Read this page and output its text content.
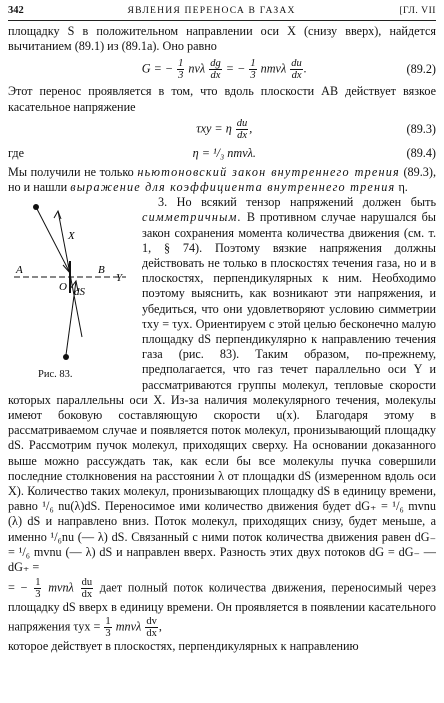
342	ЯВЛЕНИЯ ПЕРЕНОСА В ГАЗАХ	[ГЛ. VII

площадку S в положительном направлении оси X (снизу вверх), найдется вычитанием (89.1) из (89.1а). Оно равно

G = − $\frac{1}{3}$ nvλ $\frac{dg}{dx}$ = − $\frac{1}{3}$ nmvλ $\frac{du}{dx}$ .	(89.2)

Этот перенос проявляется в том, что вдоль плоскости AB действует вязкое касательное напряжение

τxy = η $\frac{du}{dx}$ ,	(89.3)
где	η = ¹/₃ nmvλ.	(89.4)

Мы получили не только ньютоновский закон внутреннего трения (89.3), но и нашли выражение для коэффициента внутреннего трения η.

X
A	B
Y
O dS
Рис. 83.

3. Но всякий тензор напряжений должен быть симметричным. В противном случае нарушался бы закон сохранения момента количества движения (см. т. 1, § 74). Поэтому вязкие напряжения должны действовать не только в плоскостях течения газа, но и в плоскостях, перпендикулярных к ним. Необходимо поэтому выяснить, как возникают эти напряжения, и убедиться, что они удовлетворяют условию симметрии τxy = τyx. Ориентируем с этой целью бесконечно малую площадку dS перпендикулярно к направлению течения газа (рис. 83). Таким образом, по-прежнему, предполагается, что газ течет параллельно оси Y и рассматриваются группы молекул, тепловые скорости которых параллельны оси X. Из-за наличия молекулярного течения, молекулы имеют боковую составляющую скорости u(x). Благодаря этому в рассматриваемом случае и появляется поток молекул, пронизывающий площадку dS. Рассмотрим пучок молекул, приходящих сверху. На основании доказанного выше можно рассуждать так, как если бы все молекулы пучка совершили последние столкновения на расстоянии λ от площадки dS (измеренном вдоль оси X). Количество таких молекул, пронизывающих площадку dS в единицу времени, равно ¹/₆ nu(λ)dS. Переносимое ими количество движения будет dG₊ = ¹/₆ mvnu (λ) dS и направлено вниз. Поток молекул, приходящих снизу, будет меньше, а именно ¹/₆nu (— λ) dS. Связанный с ними поток количества движения равен dG₋ = ¹/₆ mvnu (— λ) dS и направлен вверх. Разность этих двух потоков dG = dG₋ — dG₊ =

= − $\frac{1}{3}$ mvnλ $\frac{du}{dx}$ дает полный поток количества движения, переносимый через площадку dS вверх в единицу времени. Он проявляется в появлении касательного напряжения $\tau yx = \frac{1}{3}$ mnvλ $\frac{dv}{dx}$ ,

которое действует в плоскостях, перпендикулярных к направлению
